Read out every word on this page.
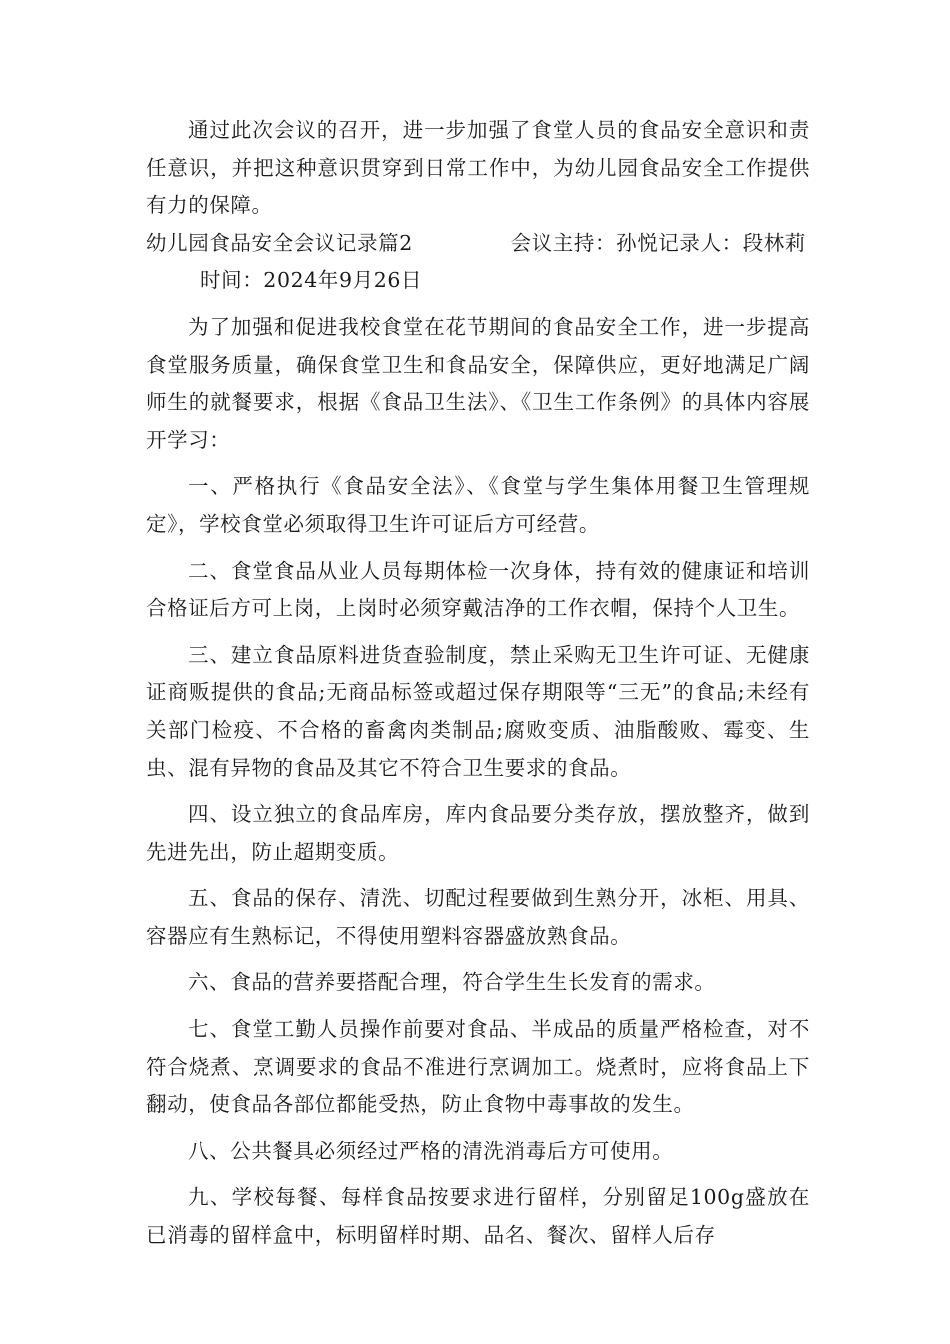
通过此次会议的召开，进一步加强了食堂人员的食品安全意识和责任意识，并把这种意识贯穿到日常工作中，为幼儿园食品安全工作提供有力的保障。

幼儿园食品安全会议记录篇2	会议主持：孙悦记录人：段林莉

时间：2024年9月26日

为了加强和促进我校食堂在花节期间的食品安全工作，进一步提高食堂服务质量，确保食堂卫生和食品安全，保障供应，更好地满足广阔师生的就餐要求，根据《食品卫生法》、《卫生工作条例》的具体内容展开学习：

一、严格执行《食品安全法》、《食堂与学生集体用餐卫生管理规定》，学校食堂必须取得卫生许可证后方可经营。

二、食堂食品从业人员每期体检一次身体，持有效的健康证和培训合格证后方可上岗，上岗时必须穿戴洁净的工作衣帽，保持个人卫生。

三、建立食品原料进货查验制度，禁止采购无卫生许可证、无健康证商贩提供的食品;无商品标签或超过保存期限等“三无”的食品;未经有关部门检疫、不合格的畜禽肉类制品;腐败变质、油脂酸败、霉变、生虫、混有异物的食品及其它不符合卫生要求的食品。

四、设立独立的食品库房，库内食品要分类存放，摆放整齐，做到先进先出，防止超期变质。

五、食品的保存、清洗、切配过程要做到生熟分开，冰柜、用具、容器应有生熟标记，不得使用塑料容器盛放熟食品。

六、食品的营养要搭配合理，符合学生生长发育的需求。

七、食堂工勤人员操作前要对食品、半成品的质量严格检查，对不符合烧煮、烹调要求的食品不准进行烹调加工。烧煮时，应将食品上下翻动，使食品各部位都能受热，防止食物中毒事故的发生。

八、公共餐具必须经过严格的清洗消毒后方可使用。

九、学校每餐、每样食品按要求进行留样，分别留足100g盛放在已消毒的留样盒中，标明留样时期、品名、餐次、留样人后存
